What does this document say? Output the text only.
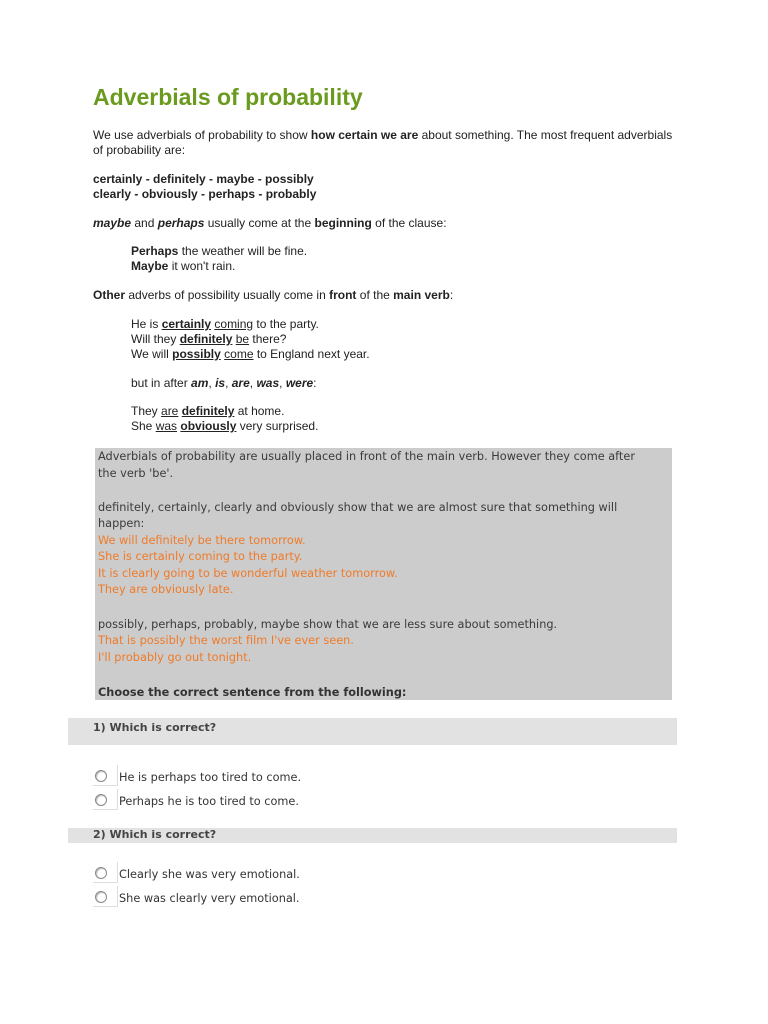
Adverbials of probability
We use adverbials of probability to show how certain we are about something. The most frequent adverbials of probability are:
certainly - definitely - maybe - possibly
clearly - obviously - perhaps - probably
maybe and perhaps usually come at the beginning of the clause:
Perhaps the weather will be fine.
Maybe it won't rain.
Other adverbs of possibility usually come in front of the main verb:
He is certainly coming to the party.
Will they definitely be there?
We will possibly come to England next year.
but in after am, is, are, was, were:
They are definitely at home.
She was obviously very surprised.
Adverbials of probability are usually placed in front of the main verb. However they come after
the verb 'be'.
definitely, certainly, clearly and obviously show that we are almost sure that something will
happen:
We will definitely be there tomorrow.
She is certainly coming to the party.
It is clearly going to be wonderful weather tomorrow.
They are obviously late.
possibly, perhaps, probably, maybe show that we are less sure about something.
That is possibly the worst film I've ever seen.
I'll probably go out tonight.
Choose the correct sentence from the following:
1) Which is correct?
He is perhaps too tired to come.
Perhaps he is too tired to come.
2) Which is correct?
Clearly she was very emotional.
She was clearly very emotional.
